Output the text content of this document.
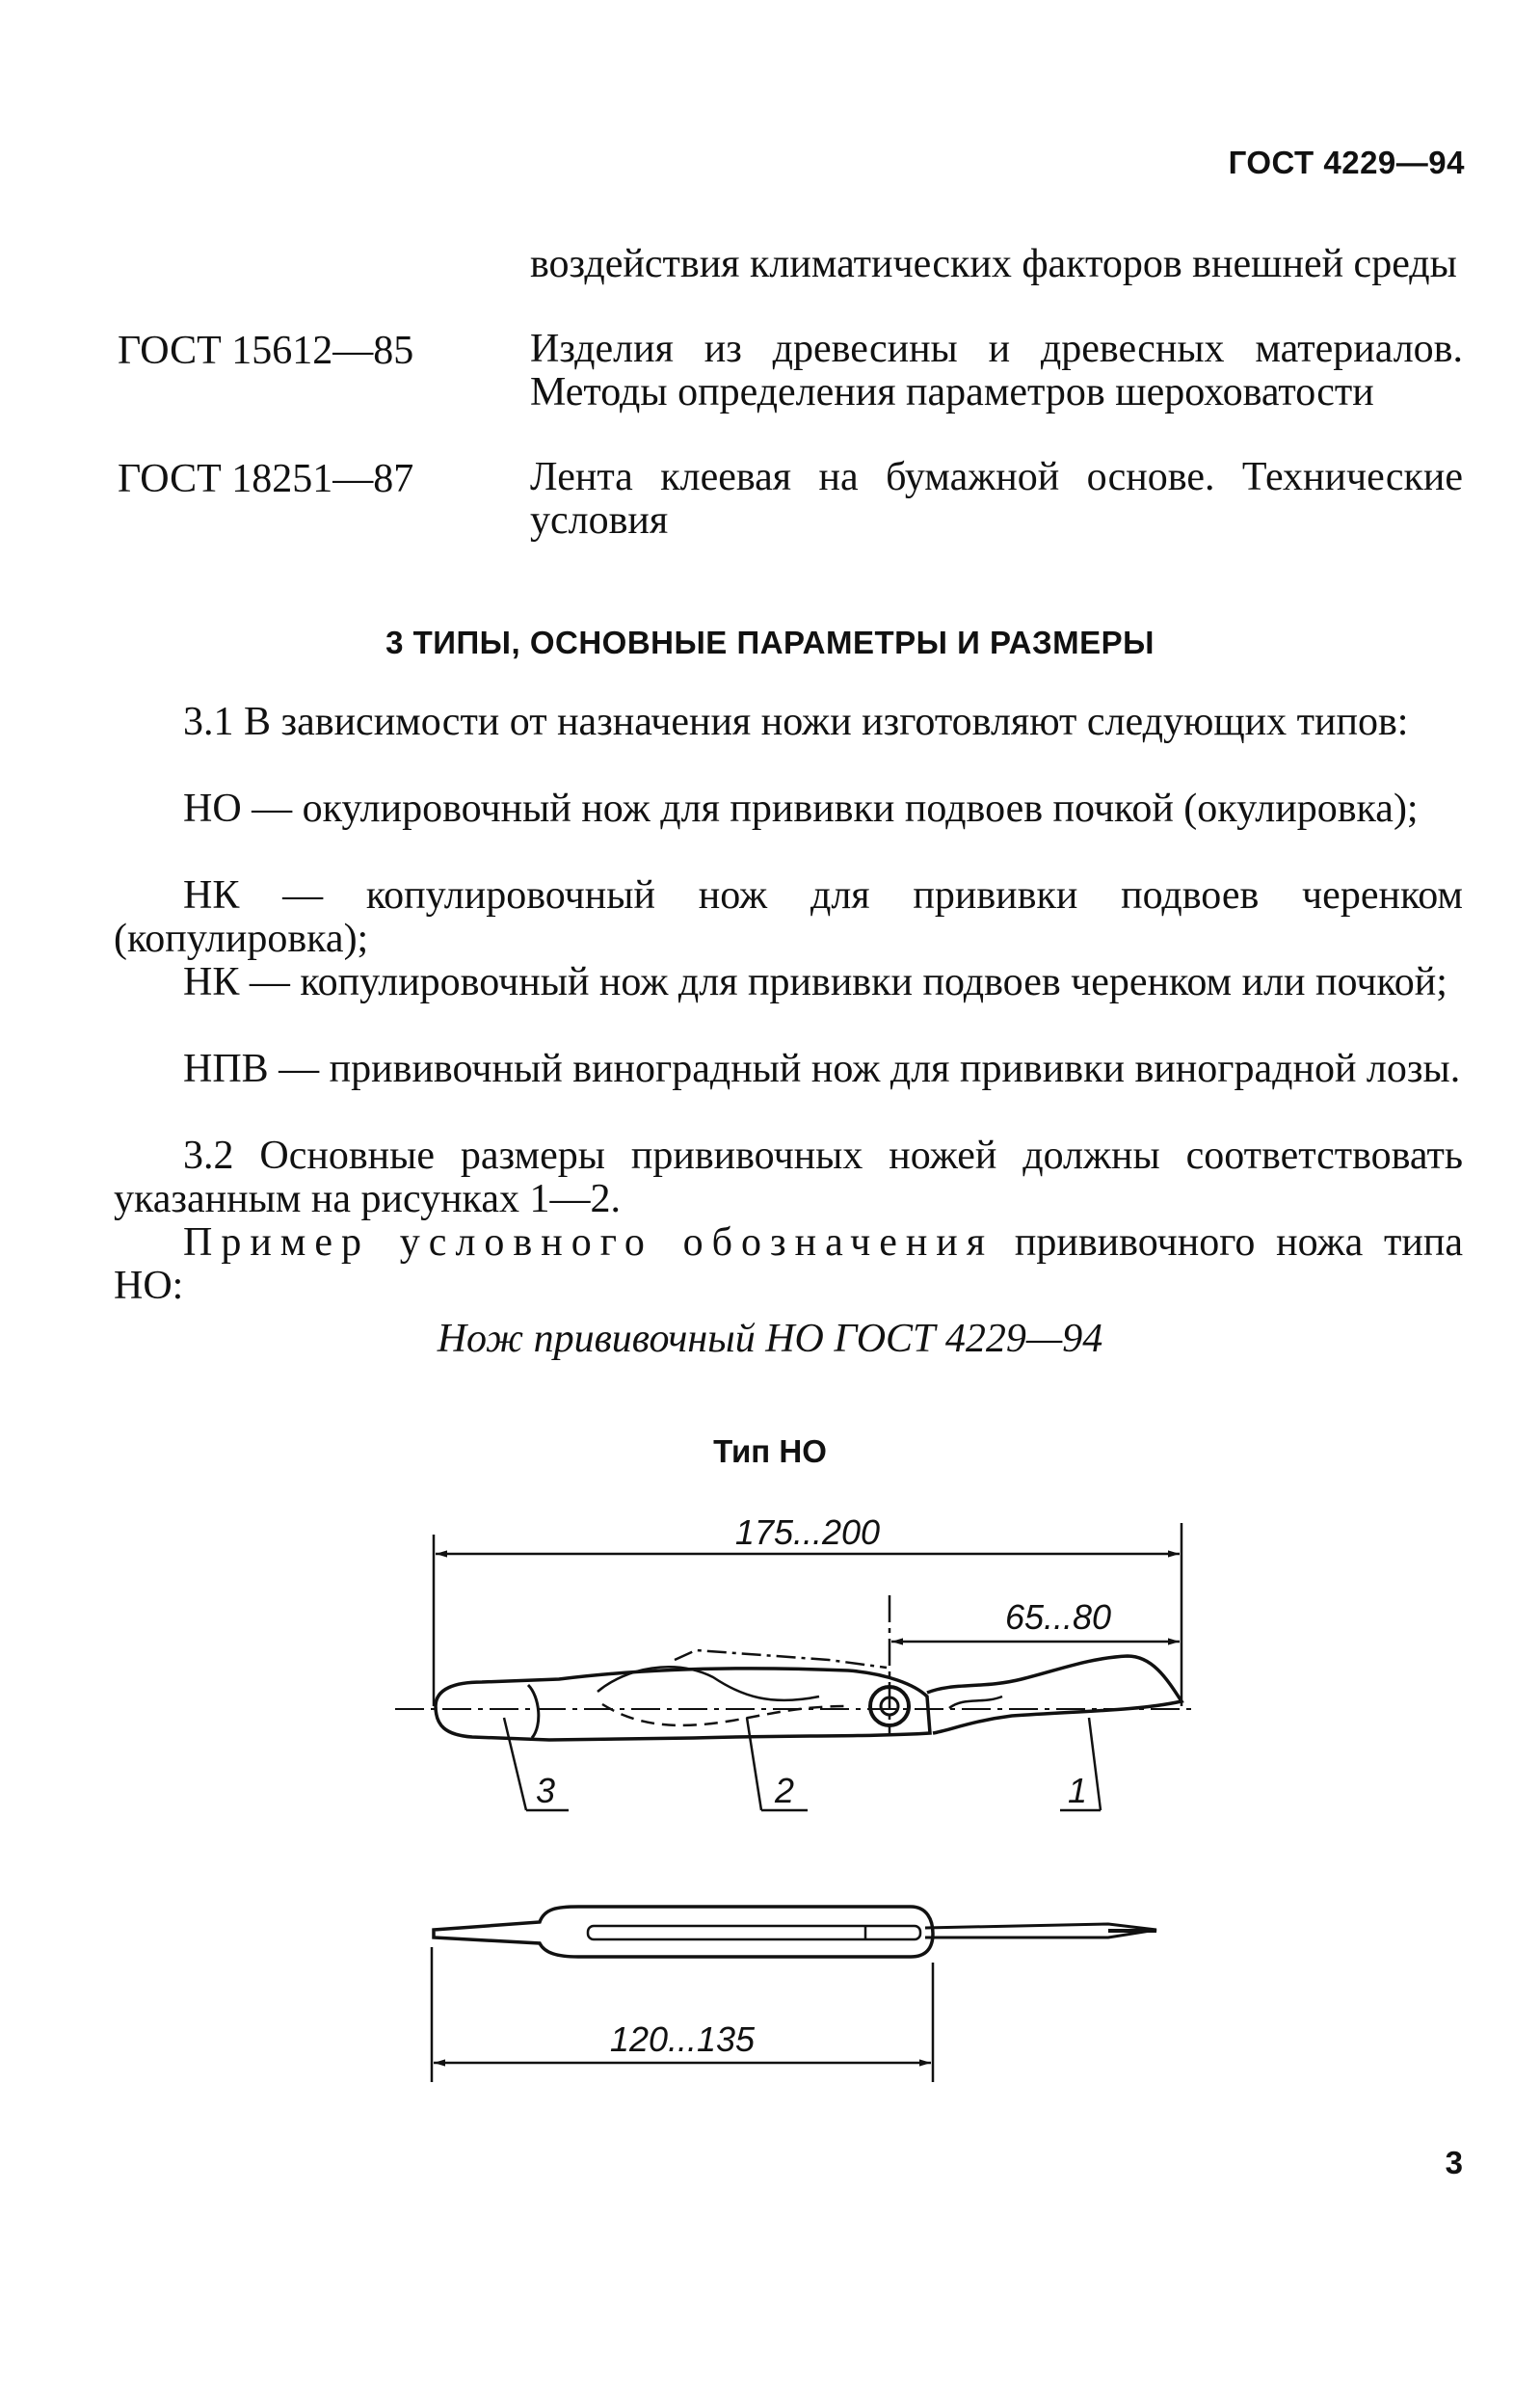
ГОСТ 4229—94
воздействия климатических факторов внешней среды
ГОСТ 15612—85	Изделия из древесины и древесных материалов. Методы определения параметров шероховатости
ГОСТ 18251—87	Лента клеевая на бумажной основе. Технические условия
3 ТИПЫ, ОСНОВНЫЕ ПАРАМЕТРЫ И РАЗМЕРЫ
3.1 В зависимости от назначения ножи изготовляют следующих типов:
НО — окулировочный нож для прививки подвоев почкой (окулировка);
НК — копулировочный нож для прививки подвоев черенком (копулировка);
НК — копулировочный нож для прививки подвоев черенком или почкой;
НПВ — прививочный виноградный нож для прививки виноградной лозы.
3.2 Основные размеры прививочных ножей должны соответствовать указанным на рисунках 1—2.
Пример условного обозначения прививочного ножа типа НО:
Нож прививочный НО ГОСТ 4229—94
Тип НО
175...200
65...80
120...135
3	2	1
3
